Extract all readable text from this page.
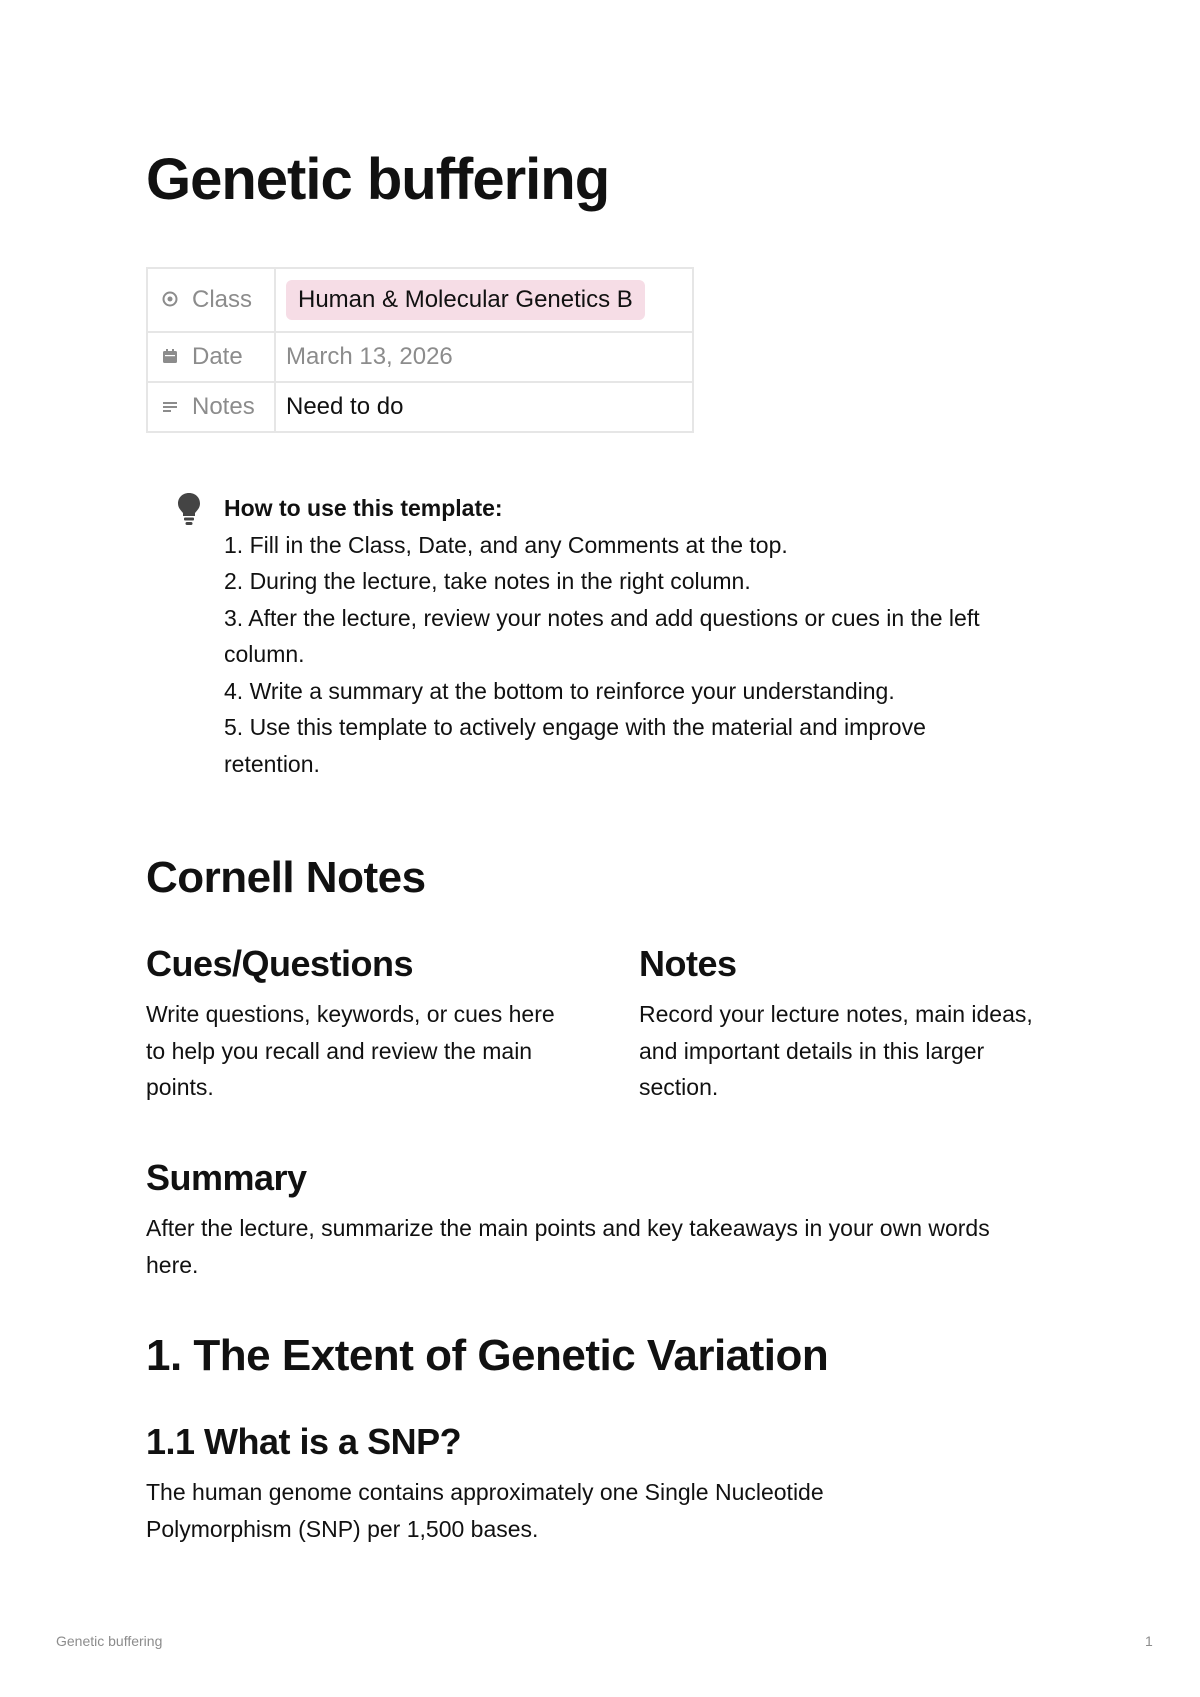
Genetic buffering
Class	Human & Molecular Genetics B

Date	March 13, 2026

Notes	Need to do
How to use this template:
1. Fill in the Class, Date, and any Comments at the top.
2. During the lecture, take notes in the right column.
3. After the lecture, review your notes and add questions or cues in the left column.
4. Write a summary at the bottom to reinforce your understanding.
5. Use this template to actively engage with the material and improve retention.
Cornell Notes
Cues/Questions

Write questions, keywords, or cues here to help you recall and review the main points.

Notes

Record your lecture notes, main ideas, and important details in this larger section.

Summary

After the lecture, summarize the main points and key takeaways in your own words here.

1. The Extent of Genetic Variation
1.1 What is a SNP?

The human genome contains approximately one Single Nucleotide Polymorphism (SNP) per 1,500 bases.

Genetic buffering	1
